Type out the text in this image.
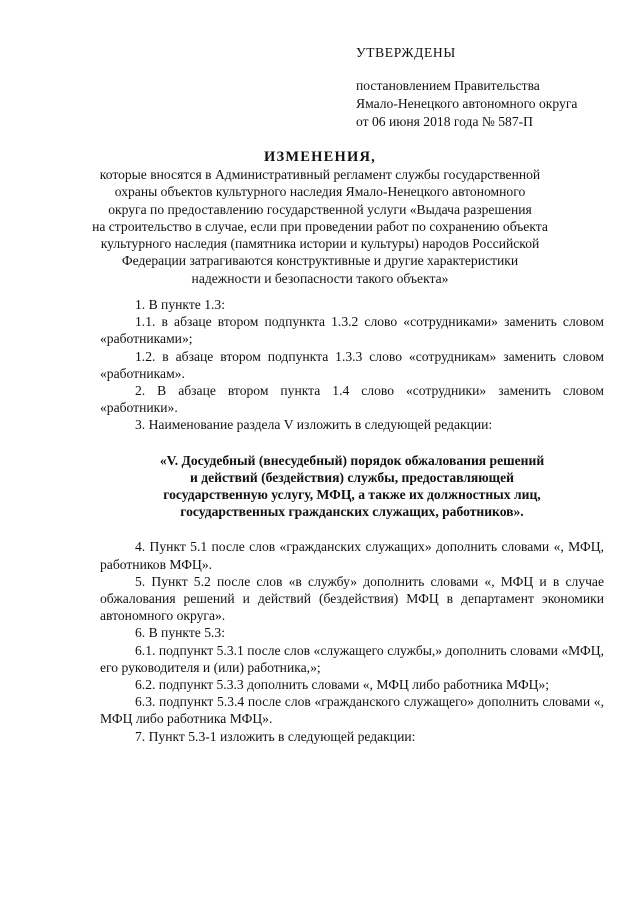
УТВЕРЖДЕНЫ
постановлением Правительства
Ямало-Ненецкого автономного округа
от 06 июня 2018 года № 587-П
ИЗМЕНЕНИЯ,
которые вносятся в Административный регламент службы государственной
охраны объектов культурного наследия Ямало-Ненецкого автономного
округа по предоставлению государственной услуги «Выдача разрешения
на строительство в случае, если при проведении работ по сохранению объекта
культурного наследия (памятника истории и культуры) народов Российской
Федерации затрагиваются конструктивные и другие характеристики
надежности и безопасности такого объекта»

1. В пункте 1.3:

1.1. в абзаце втором подпункта 1.3.2 слово «сотрудниками» заменить словом «работниками»;

1.2. в абзаце втором подпункта 1.3.3 слово «сотрудникам» заменить словом «работникам».

2. В абзаце втором пункта 1.4 слово «сотрудники» заменить словом «работники».

3. Наименование раздела V изложить в следующей редакции:

«V. Досудебный (внесудебный) порядок обжалования решений
и действий (бездействия) службы, предоставляющей
государственную услугу, МФЦ, а также их должностных лиц,
государственных гражданских служащих, работников».

4. Пункт 5.1 после слов «гражданских служащих» дополнить словами «, МФЦ, работников МФЦ».

5. Пункт 5.2 после слов «в службу» дополнить словами «, МФЦ и в случае обжалования решений и действий (бездействия) МФЦ в департамент экономики автономного округа».

6. В пункте 5.3:

6.1. подпункт 5.3.1 после слов «служащего службы,» дополнить словами «МФЦ, его руководителя и (или) работника,»;

6.2. подпункт 5.3.3 дополнить словами «, МФЦ либо работника МФЦ»;

6.3. подпункт 5.3.4 после слов «гражданского служащего» дополнить словами «, МФЦ либо работника МФЦ».

7. Пункт 5.3-1 изложить в следующей редакции:
